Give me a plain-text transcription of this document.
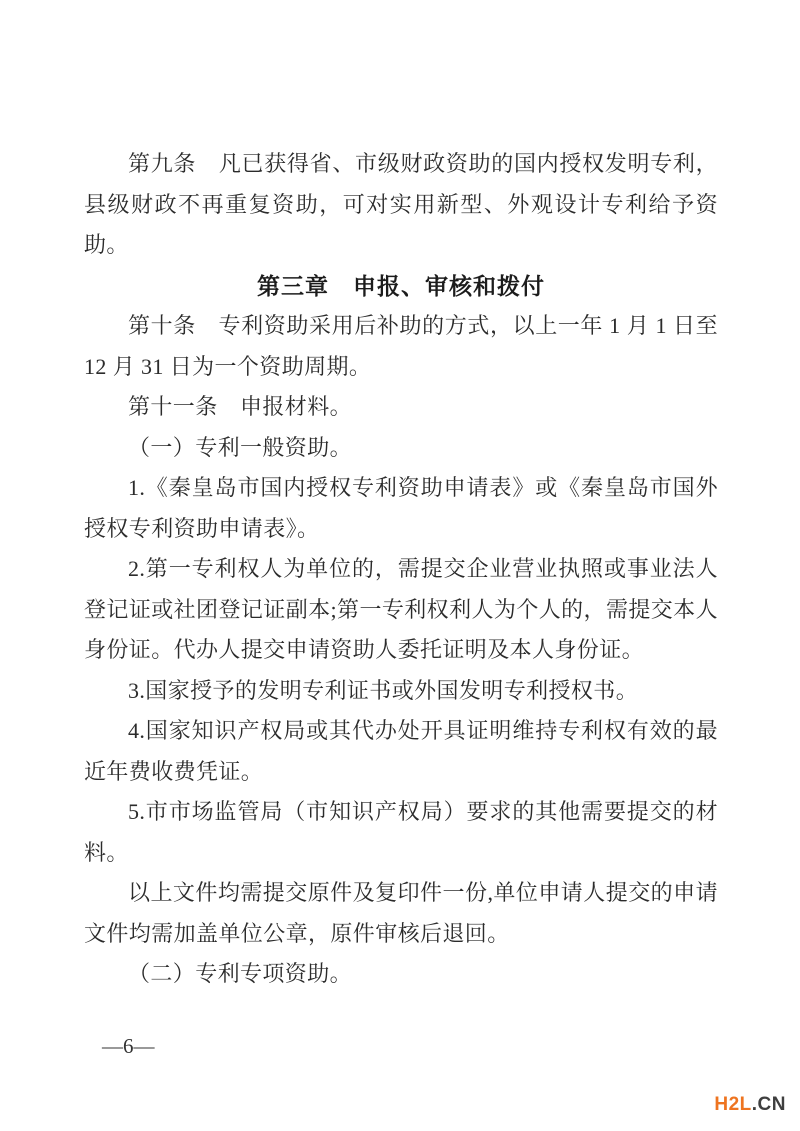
第九条　凡已获得省、市级财政资助的国内授权发明专利，县级财政不再重复资助，可对实用新型、外观设计专利给予资助。

第三章　申报、审核和拨付

第十条　专利资助采用后补助的方式，以上一年 1 月 1 日至 12 月 31 日为一个资助周期。

第十一条　申报材料。

（一）专利一般资助。

1.《秦皇岛市国内授权专利资助申请表》或《秦皇岛市国外授权专利资助申请表》。

2.第一专利权人为单位的，需提交企业营业执照或事业法人登记证或社团登记证副本;第一专利权利人为个人的，需提交本人身份证。代办人提交申请资助人委托证明及本人身份证。

3.国家授予的发明专利证书或外国发明专利授权书。

4.国家知识产权局或其代办处开具证明维持专利权有效的最近年费收费凭证。

5.市市场监管局（市知识产权局）要求的其他需要提交的材料。

以上文件均需提交原件及复印件一份,单位申请人提交的申请文件均需加盖单位公章，原件审核后退回。

（二）专利专项资助。

—6—
H2L.CN
